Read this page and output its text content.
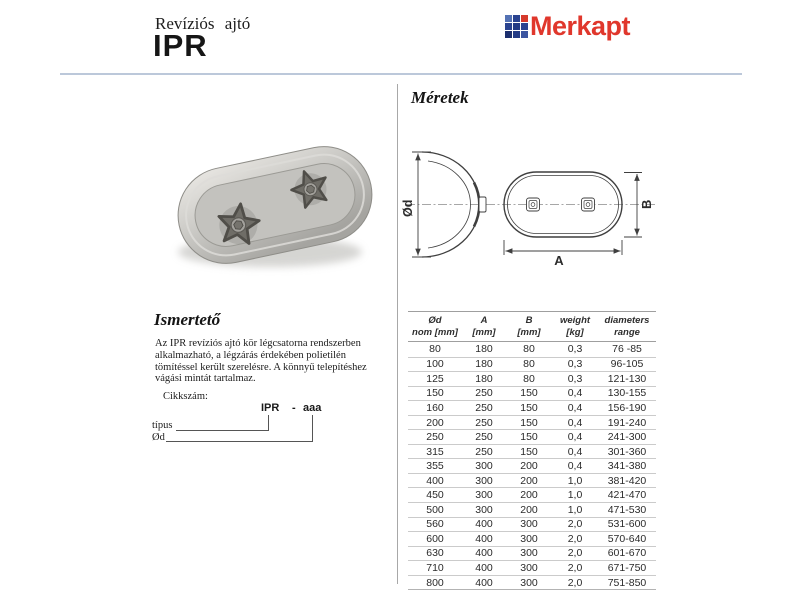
Revíziós ajtó
IPR
Merkapt
Ismertető
Az IPR revíziós ajtó kör légcsatorna rendszerben alkalmazható, a légzárás érdekében polietilén tömítéssel került szerelésre. A könnyű telepítéshez vágási mintát tartalmaz.
Cikkszám:
IPR - aaa
típus
Ød
Méretek
Ød
A
B
Ød
nom [mm]
A
[mm]
B
[mm]
weight
[kg]
diameters
range
80	180	80	0,3	76 -85
100	180	80	0,3	96-105
125	180	80	0,3	121-130
150	250	150	0,4	130-155
160	250	150	0,4	156-190
200	250	150	0,4	191-240
250	250	150	0,4	241-300
315	250	150	0,4	301-360
355	300	200	0,4	341-380
400	300	200	1,0	381-420
450	300	200	1,0	421-470
500	300	200	1,0	471-530
560	400	300	2,0	531-600
600	400	300	2,0	570-640
630	400	300	2,0	601-670
710	400	300	2,0	671-750
800	400	300	2,0	751-850
